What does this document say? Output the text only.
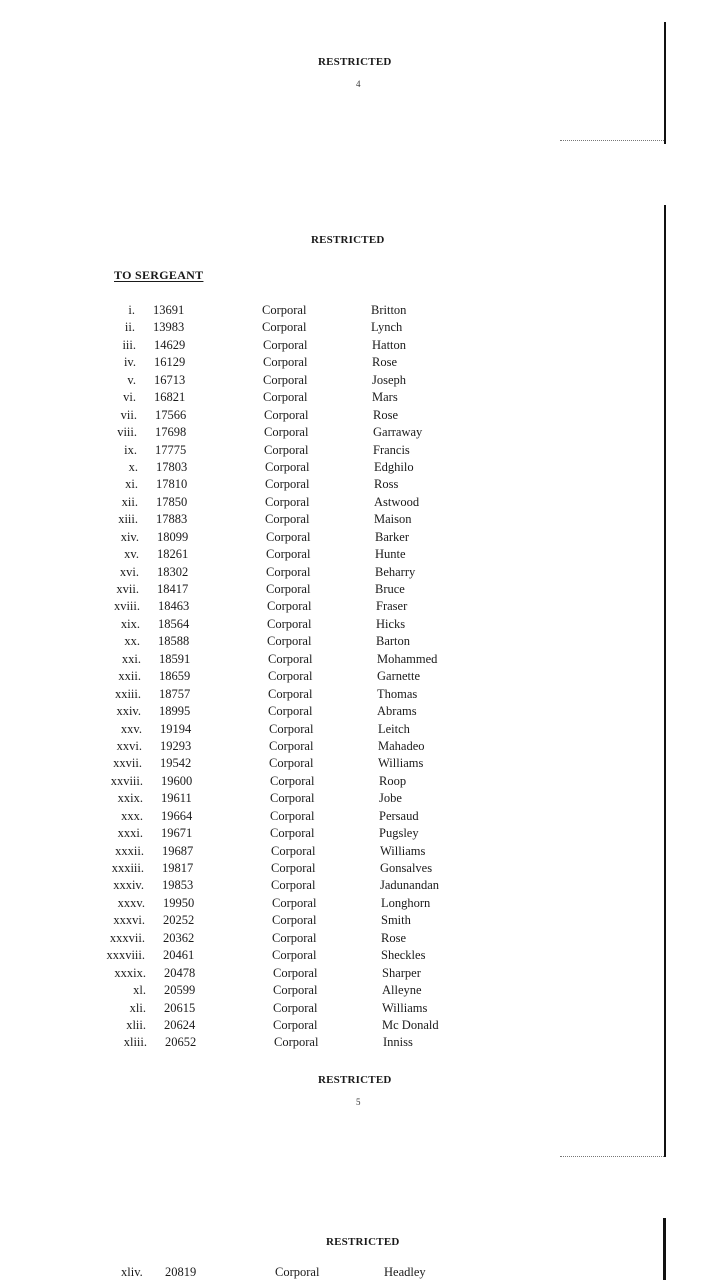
RESTRICTED
4
RESTRICTED
TO SERGEANT
i. 13691	Corporal	Britton
ii. 13983	Corporal	Lynch
iii. 14629	Corporal	Hatton
iv. 16129	Corporal	Rose
v. 16713	Corporal	Joseph
vi. 16821	Corporal	Mars
vii. 17566	Corporal	Rose
viii. 17698	Corporal	Garraway
ix. 17775	Corporal	Francis
x. 17803	Corporal	Edghilo
xi. 17810	Corporal	Ross
xii. 17850	Corporal	Astwood
xiii. 17883	Corporal	Maison
xiv. 18099	Corporal	Barker
xv. 18261	Corporal	Hunte
xvi. 18302	Corporal	Beharry
xvii. 18417	Corporal	Bruce
xviii. 18463	Corporal	Fraser
xix. 18564	Corporal	Hicks
xx. 18588	Corporal	Barton
xxi. 18591	Corporal	Mohammed
xxii. 18659	Corporal	Garnette
xxiii. 18757	Corporal	Thomas
xxiv. 18995	Corporal	Abrams
xxv. 19194	Corporal	Leitch
xxvi. 19293	Corporal	Mahadeo
xxvii. 19542	Corporal	Williams
xxviii. 19600	Corporal	Roop
xxix. 19611	Corporal	Jobe
xxx. 19664	Corporal	Persaud
xxxi. 19671	Corporal	Pugsley
xxxii. 19687	Corporal	Williams
xxxiii. 19817	Corporal	Gonsalves
xxxiv. 19853	Corporal	Jadunandan
xxxv. 19950	Corporal	Longhorn
xxxvi. 20252	Corporal	Smith
xxxvii. 20362	Corporal	Rose
xxxviii. 20461	Corporal	Sheckles
xxxix. 20478	Corporal	Sharper
xl. 20599	Corporal	Alleyne
xli. 20615	Corporal	Williams
xlii. 20624	Corporal	Mc Donald
xliii. 20652	Corporal	Inniss
RESTRICTED
5
RESTRICTED
xliv. 20819	Corporal	Headley
